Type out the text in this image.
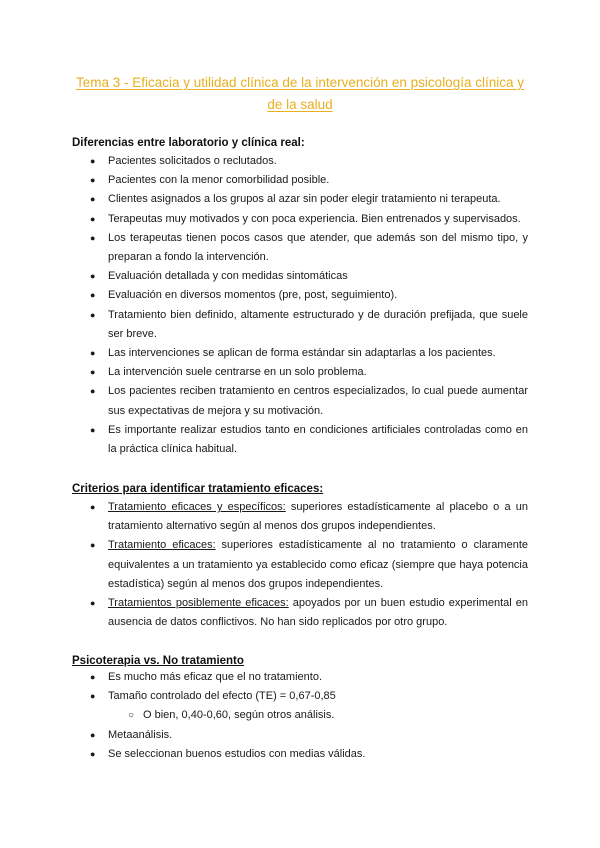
Tema 3 - Eficacia y utilidad clínica de la intervención en psicología clínica y de la salud
Diferencias entre laboratorio y clínica real:
● Pacientes solicitados o reclutados.
● Pacientes con la menor comorbilidad posible.
● Clientes asignados a los grupos al azar sin poder elegir tratamiento ni terapeuta.
● Terapeutas muy motivados y con poca experiencia. Bien entrenados y supervisados.
● Los terapeutas tienen pocos casos que atender, que además son del mismo tipo, y preparan a fondo la intervención.
● Evaluación detallada y con medidas sintomáticas
● Evaluación en diversos momentos (pre, post, seguimiento).
● Tratamiento bien definido, altamente estructurado y de duración prefijada, que suele ser breve.
● Las intervenciones se aplican de forma estándar sin adaptarlas a los pacientes.
● La intervención suele centrarse en un solo problema.
● Los pacientes reciben tratamiento en centros especializados, lo cual puede aumentar sus expectativas de mejora y su motivación.
● Es importante realizar estudios tanto en condiciones artificiales controladas como en la práctica clínica habitual.
Criterios para identificar tratamiento eficaces:
● Tratamiento eficaces y específicos: superiores estadísticamente al placebo o a un tratamiento alternativo según al menos dos grupos independientes.
● Tratamiento eficaces: superiores estadísticamente al no tratamiento o claramente equivalentes a un tratamiento ya establecido como eficaz (siempre que haya potencia estadística) según al menos dos grupos independientes.
● Tratamientos posiblemente eficaces: apoyados por un buen estudio experimental en ausencia de datos conflictivos. No han sido replicados por otro grupo.
Psicoterapia vs. No tratamiento
● Es mucho más eficaz que el no tratamiento.
● Tamaño controlado del efecto (TE) = 0,67-0,85
○ O bien, 0,40-0,60, según otros análisis.
● Metaanálisis.
● Se seleccionan buenos estudios con medias válidas.
